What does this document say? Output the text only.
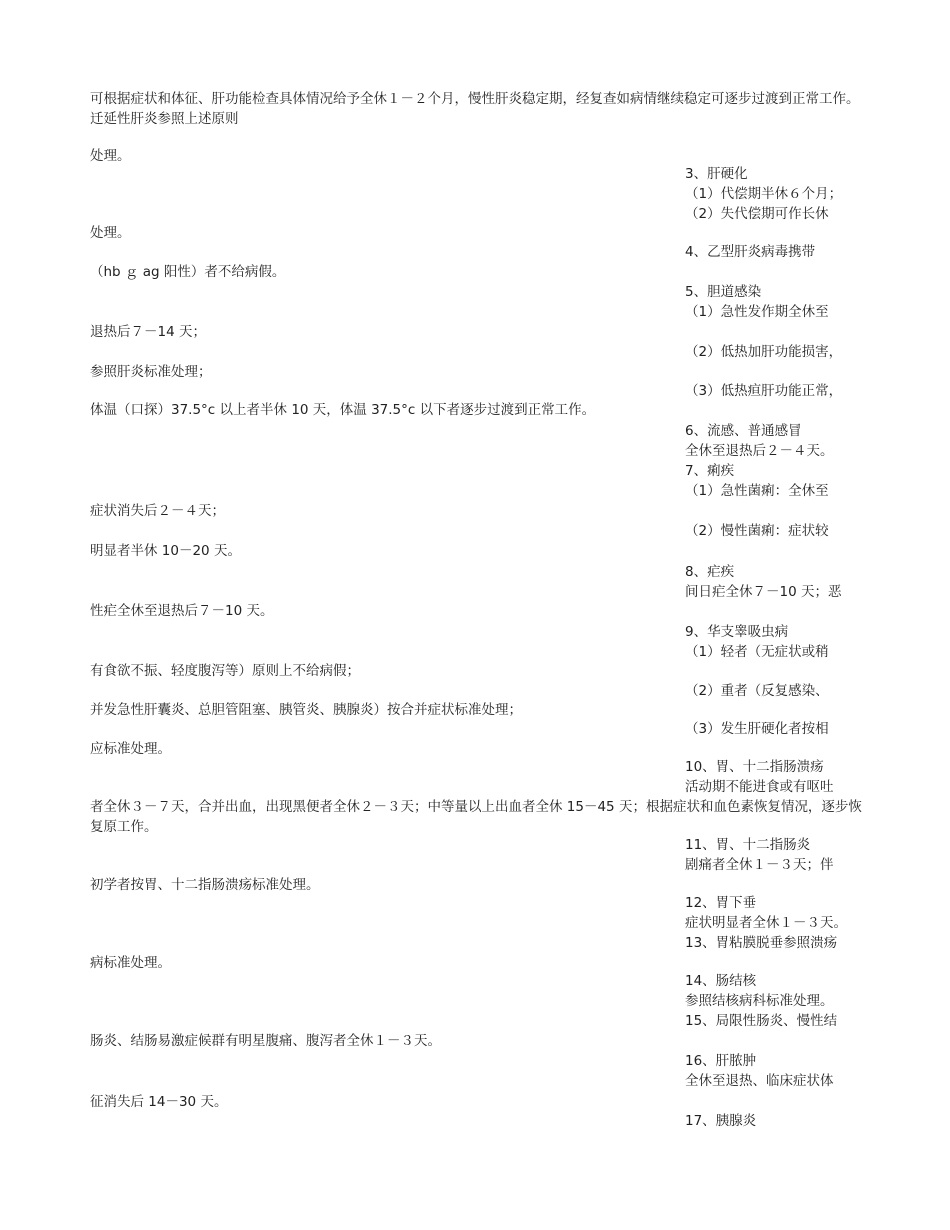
可根据症状和体征、肝功能检查具体情况给予全休１－２个月，慢性肝炎稳定期，经复查如病情继续稳定可逐步过渡到正常工作。迁延性肝炎参照上述原则
处理。
处理。
（hb ｇ ag 阳性）者不给病假。
退热后７－14 天；
参照肝炎标准处理；
体温（口探）37.5°c 以上者半休 10 天，体温 37.5°c 以下者逐步过渡到正常工作。
症状消失后２－４天；
明显者半休 10－20 天。
性疟全休至退热后７－10 天。
有食欲不振、轻度腹泻等）原则上不给病假；
并发急性肝囊炎、总胆管阻塞、胰管炎、胰腺炎）按合并症状标准处理；
应标准处理。
者全休３－７天，合并出血，出现黑便者全休２－３天；中等量以上出血者全休 15－45 天；根据症状和血色素恢复情况，逐步恢复原工作。
初学者按胃、十二指肠溃疡标准处理。
病标准处理。
肠炎、结肠易激症候群有明星腹痛、腹泻者全休１－３天。
征消失后 14－30 天。
3、肝硬化
（1）代偿期半休６个月；
（2）失代偿期可作长休
4、乙型肝炎病毒携带
5、胆道感染
（1）急性发作期全休至
（2）低热加肝功能损害，
（3）低热疸肝功能正常，
6、流感、普通感冒
全休至退热后２－４天。
7、痢疾
（1）急性菌痢：全休至
（2）慢性菌痢：症状较
8、疟疾
间日疟全休７－10 天；恶
9、华支睾吸虫病
（1）轻者（无症状或稍
（2）重者（反复感染、
（3）发生肝硬化者按相
10、胃、十二指肠溃疡
活动期不能进食或有呕吐
11、胃、十二指肠炎
剧痛者全休１－３天；伴
12、胃下垂
症状明显者全休１－３天。
13、胃粘膜脱垂参照溃疡
14、肠结核
参照结核病科标准处理。
15、局限性肠炎、慢性结
16、肝脓肿
全休至退热、临床症状体
17、胰腺炎
